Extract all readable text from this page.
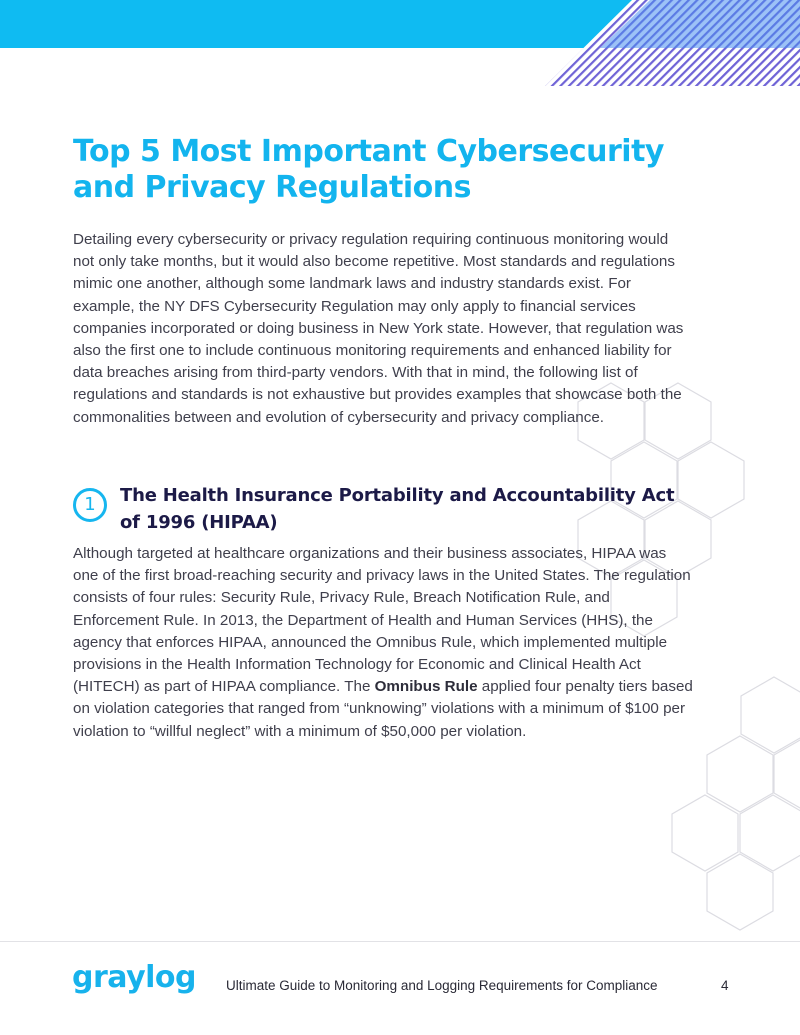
Top 5 Most Important Cybersecurity and Privacy Regulations

Detailing every cybersecurity or privacy regulation requiring continuous monitoring would not only take months, but it would also become repetitive. Most standards and regulations mimic one another, although some landmark laws and industry standards exist. For example, the NY DFS Cybersecurity Regulation may only apply to financial services companies incorporated or doing business in New York state. However, that regulation was also the first one to include continuous monitoring requirements and enhanced liability for data breaches arising from third-party vendors. With that in mind, the following list of regulations and standards is not exhaustive but provides examples that showcase both the commonalities between and evolution of cybersecurity and privacy compliance.

1	The Health Insurance Portability and Accountability Act of 1996 (HIPAA)

Although targeted at healthcare organizations and their business associates, HIPAA was one of the first broad-reaching security and privacy laws in the United States. The regulation consists of four rules: Security Rule, Privacy Rule, Breach Notification Rule, and Enforcement Rule. In 2013, the Department of Health and Human Services (HHS), the agency that enforces HIPAA, announced the Omnibus Rule, which implemented multiple provisions in the Health Information Technology for Economic and Clinical Health Act (HITECH) as part of HIPAA compliance. The Omnibus Rule applied four penalty tiers based on violation categories that ranged from “unknowing” violations with a minimum of $100 per violation to “willful neglect” with a minimum of $50,000 per violation.

graylog Ultimate Guide to Monitoring and Logging Requirements for Compliance	4
